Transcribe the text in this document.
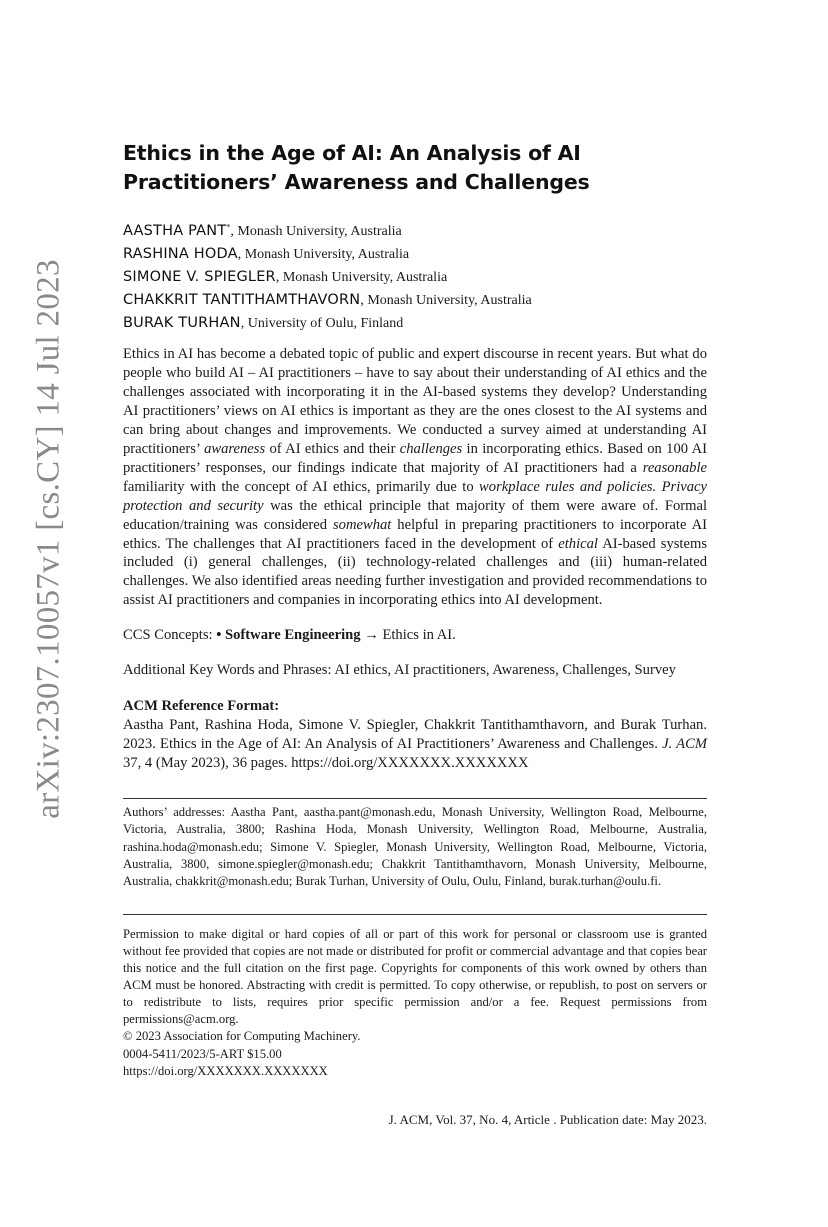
arXiv:2307.10057v1 [cs.CY] 14 Jul 2023
Ethics in the Age of AI: An Analysis of AI Practitioners’ Awareness and Challenges
AASTHA PANT*, Monash University, Australia
RASHINA HODA, Monash University, Australia
SIMONE V. SPIEGLER, Monash University, Australia
CHAKKRIT TANTITHAMTHAVORN, Monash University, Australia
BURAK TURHAN, University of Oulu, Finland

Ethics in AI has become a debated topic of public and expert discourse in recent years. But what do people who build AI – AI practitioners – have to say about their understanding of AI ethics and the challenges associated with incorporating it in the AI-based systems they develop? Understanding AI practitioners’ views on AI ethics is important as they are the ones closest to the AI systems and can bring about changes and improvements. We conducted a survey aimed at understanding AI practitioners’ awareness of AI ethics and their challenges in incorporating ethics. Based on 100 AI practitioners’ responses, our findings indicate that majority of AI practitioners had a reasonable familiarity with the concept of AI ethics, primarily due to workplace rules and policies. Privacy protection and security was the ethical principle that majority of them were aware of. Formal education/training was considered somewhat helpful in preparing practitioners to incorporate AI ethics. The challenges that AI practitioners faced in the development of ethical AI-based systems included (i) general challenges, (ii) technology-related challenges and (iii) human-related challenges. We also identified areas needing further investigation and provided recommendations to assist AI practitioners and companies in incorporating ethics into AI development.

CCS Concepts: • Software Engineering → Ethics in AI.

Additional Key Words and Phrases: AI ethics, AI practitioners, Awareness, Challenges, Survey

ACM Reference Format:

Aastha Pant, Rashina Hoda, Simone V. Spiegler, Chakkrit Tantithamthavorn, and Burak Turhan. 2023. Ethics in the Age of AI: An Analysis of AI Practitioners’ Awareness and Challenges. J. ACM 37, 4 (May 2023), 36 pages. https://doi.org/XXXXXXX.XXXXXXX

Authors’ addresses: Aastha Pant, aastha.pant@monash.edu, Monash University, Wellington Road, Melbourne, Victoria, Australia, 3800; Rashina Hoda, Monash University, Wellington Road, Melbourne, Australia, rashina.hoda@monash.edu; Simone V. Spiegler, Monash University, Wellington Road, Melbourne, Victoria, Australia, 3800, simone.spiegler@monash.edu; Chakkrit Tantithamthavorn, Monash University, Melbourne, Australia, chakkrit@monash.edu; Burak Turhan, University of Oulu, Oulu, Finland, burak.turhan@oulu.fi.

Permission to make digital or hard copies of all or part of this work for personal or classroom use is granted without fee provided that copies are not made or distributed for profit or commercial advantage and that copies bear this notice and the full citation on the first page. Copyrights for components of this work owned by others than ACM must be honored. Abstracting with credit is permitted. To copy otherwise, or republish, to post on servers or to redistribute to lists, requires prior specific permission and/or a fee. Request permissions from permissions@acm.org.

© 2023 Association for Computing Machinery.
0004-5411/2023/5-ART $15.00
https://doi.org/XXXXXXX.XXXXXXX
J. ACM, Vol. 37, No. 4, Article . Publication date: May 2023.
